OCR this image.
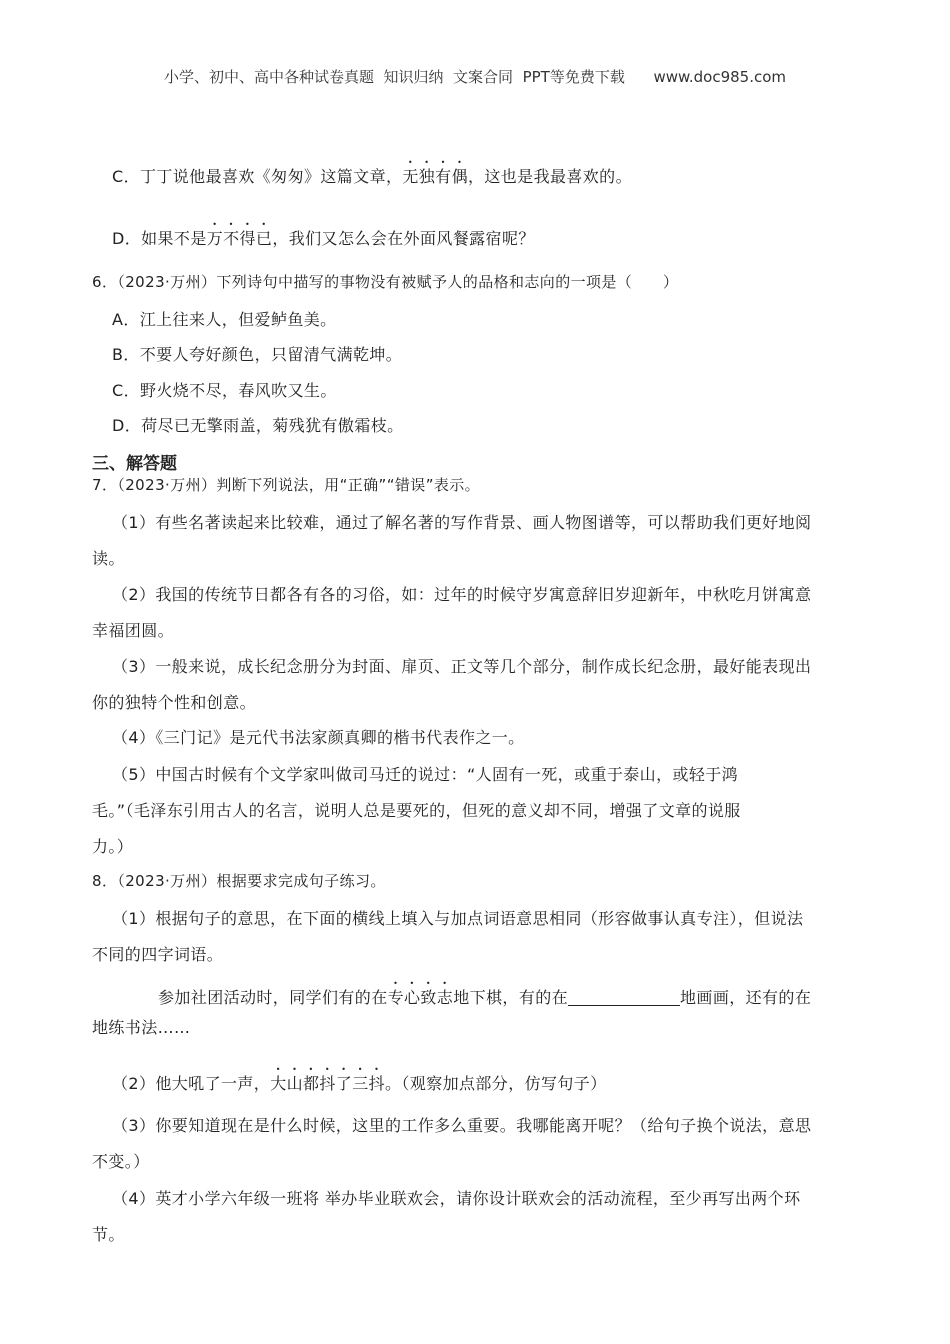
小学、初中、高中各种试卷真题  知识归纳  文案合同  PPT等免费下载      www.doc985.com
C．丁丁说他最喜欢《匆匆》这篇文章，无独有偶，这也是我最喜欢的。
D．如果不是万不得已，我们又怎么会在外面风餐露宿呢？
6．（2023·万州）下列诗句中描写的事物没有被赋予人的品格和志向的一项是（　　）
A．江上往来人，但爱鲈鱼美。
B．不要人夸好颜色，只留清气满乾坤。
C．野火烧不尽，春风吹又生。
D．荷尽已无擎雨盖，菊残犹有傲霜枝。
三、解答题
7．（2023·万州）判断下列说法，用“正确”“错误”表示。
（1）有些名著读起来比较难，通过了解名著的写作背景、画人物图谱等，可以帮助我们更好地阅
读。
（2）我国的传统节日都各有各的习俗，如：过年的时候守岁寓意辞旧岁迎新年，中秋吃月饼寓意
幸福团圆。
（3）一般来说，成长纪念册分为封面、扉页、正文等几个部分，制作成长纪念册，最好能表现出
你的独特个性和创意。
（4）《三门记》是元代书法家颜真卿的楷书代表作之一。
（5）中国古时候有个文学家叫做司马迁的说过：“人固有一死，或重于泰山，或轻于鸿
毛。”（毛泽东引用古人的名言，说明人总是要死的，但死的意义却不同，增强了文章的说服
力。）
8．（2023·万州）根据要求完成句子练习。
（1）根据句子的意思，在下面的横线上填入与加点词语意思相同（形容做事认真专注），但说法
不同的四字词语。
参加社团活动时，同学们有的在专心致志地下棋，有的在	地画画，还有的在
地练书法……
（2）他大吼了一声，大山都抖了三抖。（观察加点部分，仿写句子）
（3）你要知道现在是什么时候，这里的工作多么重要。我哪能离开呢？（给句子换个说法，意思
不变。）
（4）英才小学六年级一班将 举办毕业联欢会，请你设计联欢会的活动流程，至少再写出两个环
节。
